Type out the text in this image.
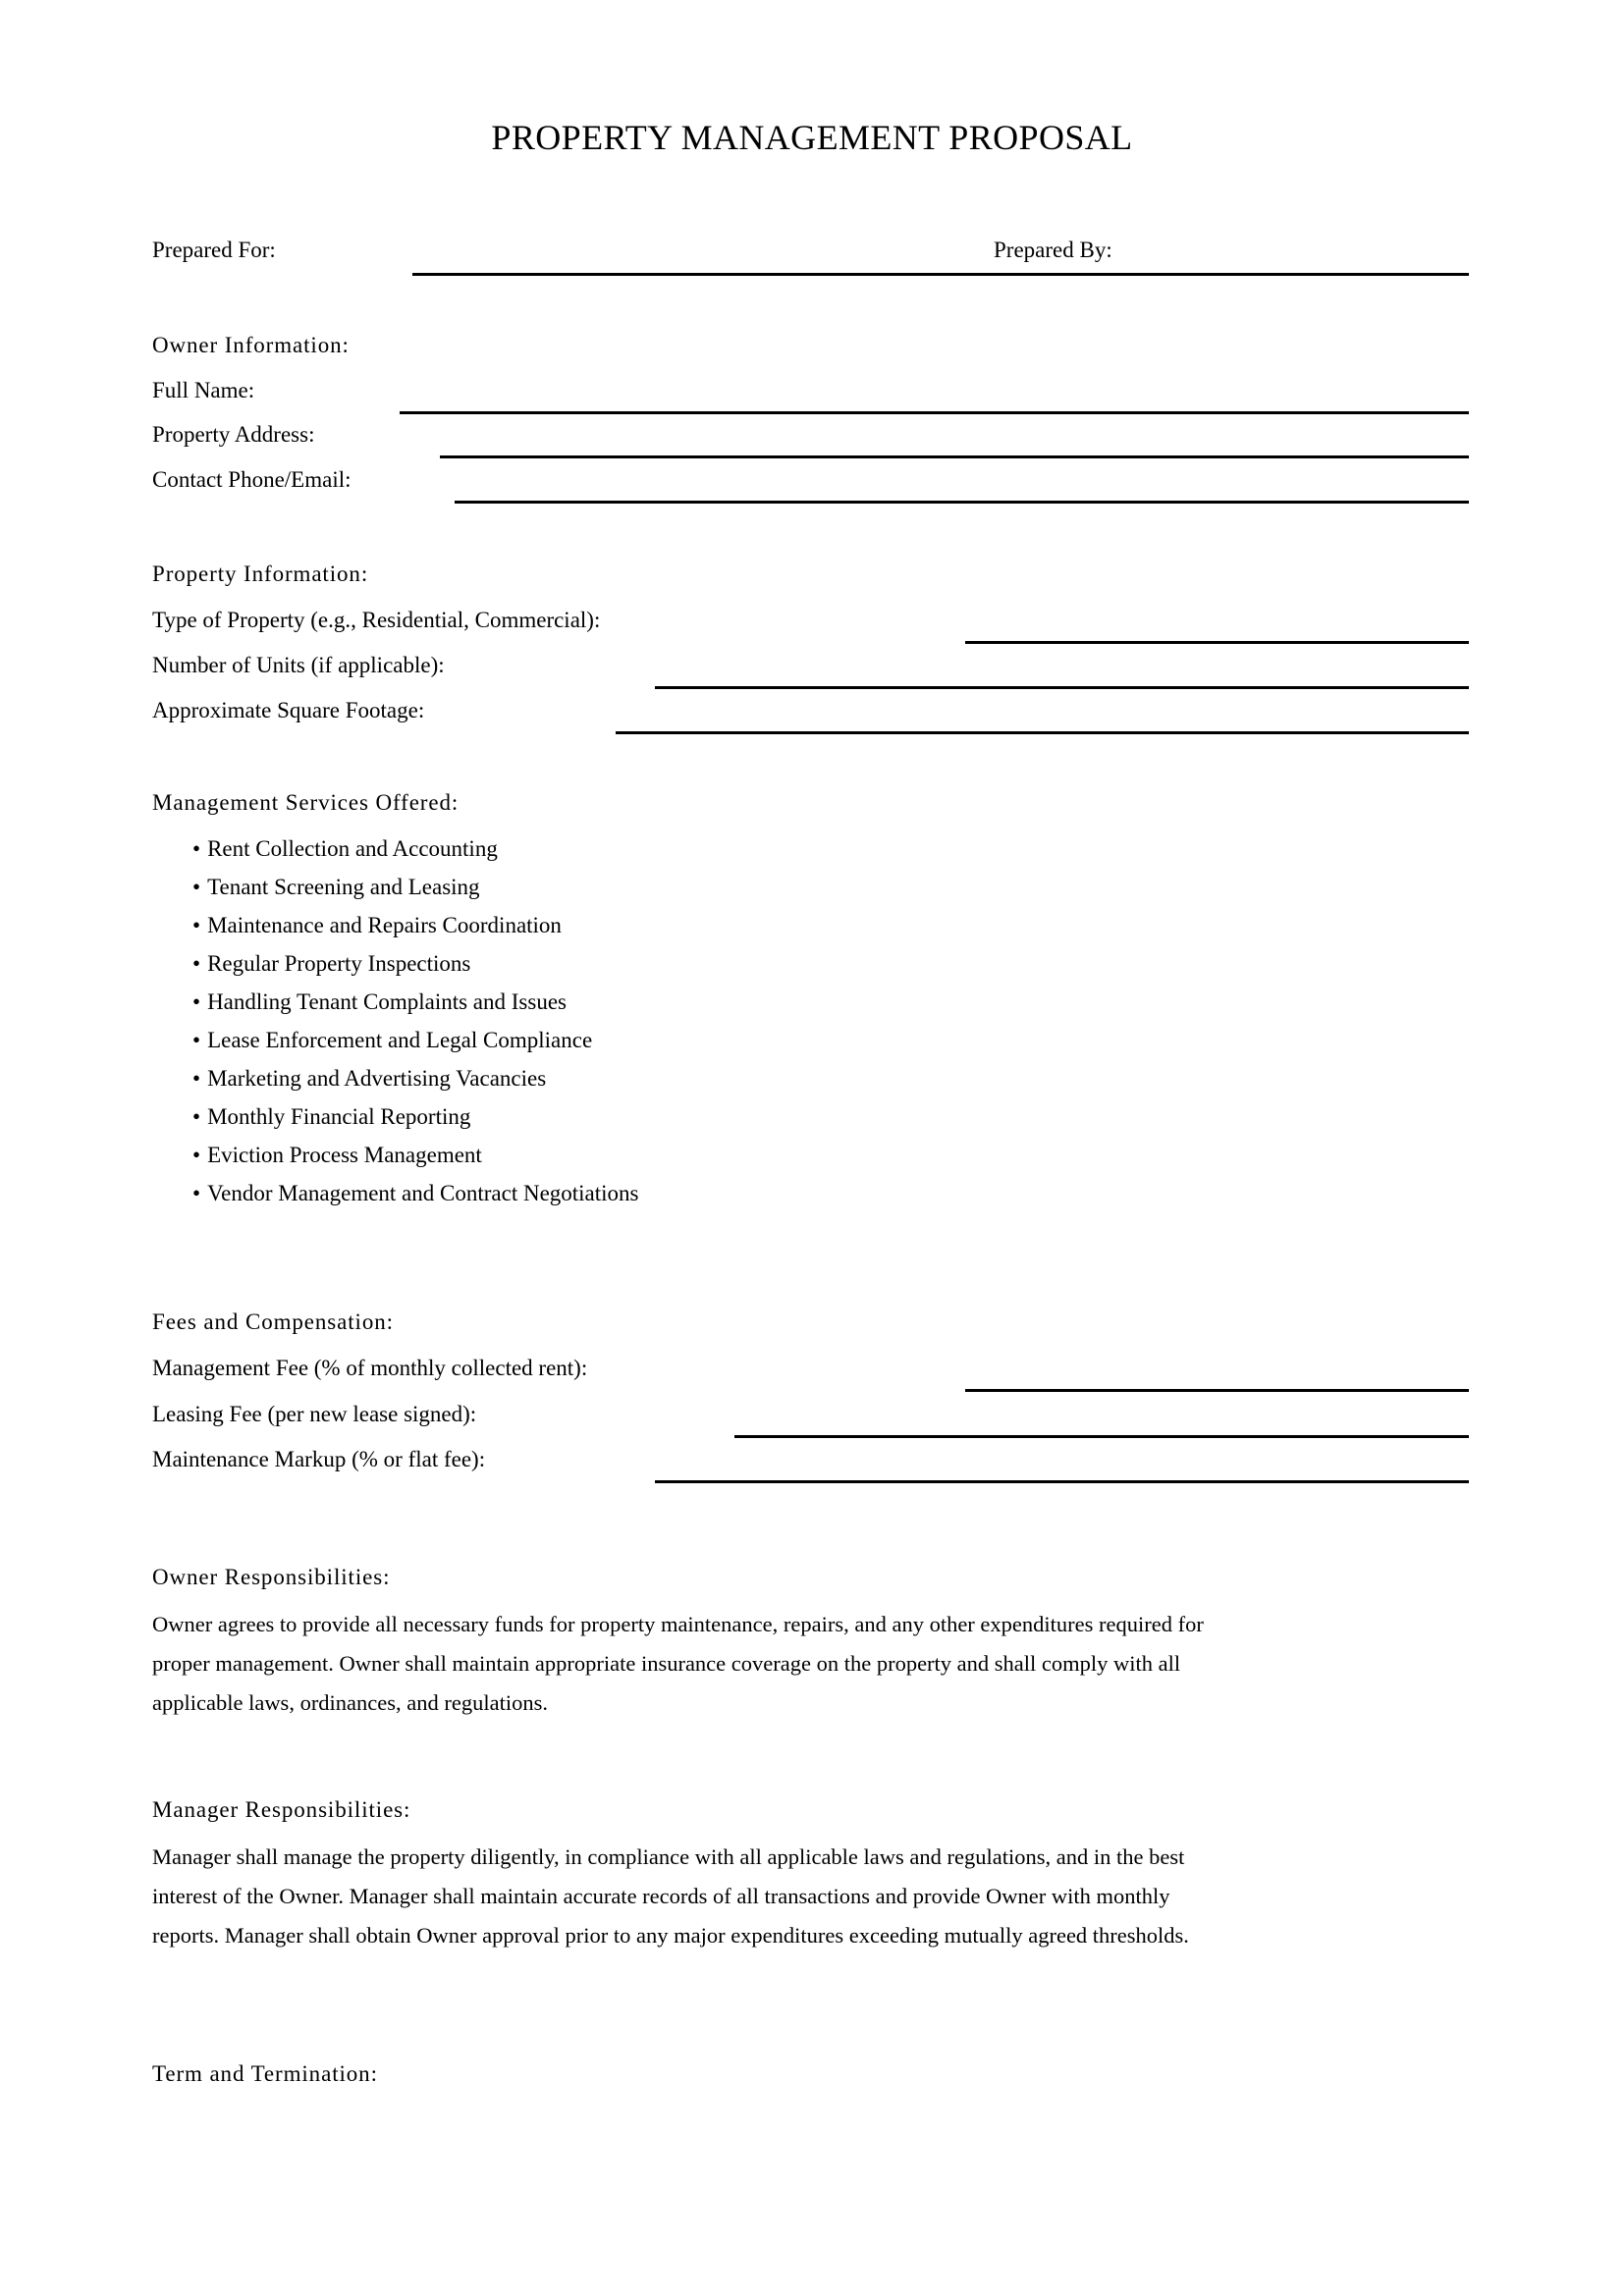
PROPERTY MANAGEMENT PROPOSAL
Prepared For:	Prepared By:
Owner Information:
Full Name:
Property Address:
Contact Phone/Email:
Property Information:
Type of Property (e.g., Residential, Commercial):
Number of Units (if applicable):
Approximate Square Footage:
Management Services Offered:
• Rent Collection and Accounting
• Tenant Screening and Leasing
• Maintenance and Repairs Coordination
• Regular Property Inspections
• Handling Tenant Complaints and Issues
• Lease Enforcement and Legal Compliance
• Marketing and Advertising Vacancies
• Monthly Financial Reporting
• Eviction Process Management
• Vendor Management and Contract Negotiations
Fees and Compensation:
Management Fee (% of monthly collected rent):
Leasing Fee (per new lease signed):
Maintenance Markup (% or flat fee):
Owner Responsibilities:
Owner agrees to provide all necessary funds for property maintenance, repairs, and any other expenditures required for
proper management. Owner shall maintain appropriate insurance coverage on the property and shall comply with all
applicable laws, ordinances, and regulations.
Manager Responsibilities:
Manager shall manage the property diligently, in compliance with all applicable laws and regulations, and in the best
interest of the Owner. Manager shall maintain accurate records of all transactions and provide Owner with monthly
reports. Manager shall obtain Owner approval prior to any major expenditures exceeding mutually agreed thresholds.
Term and Termination:
